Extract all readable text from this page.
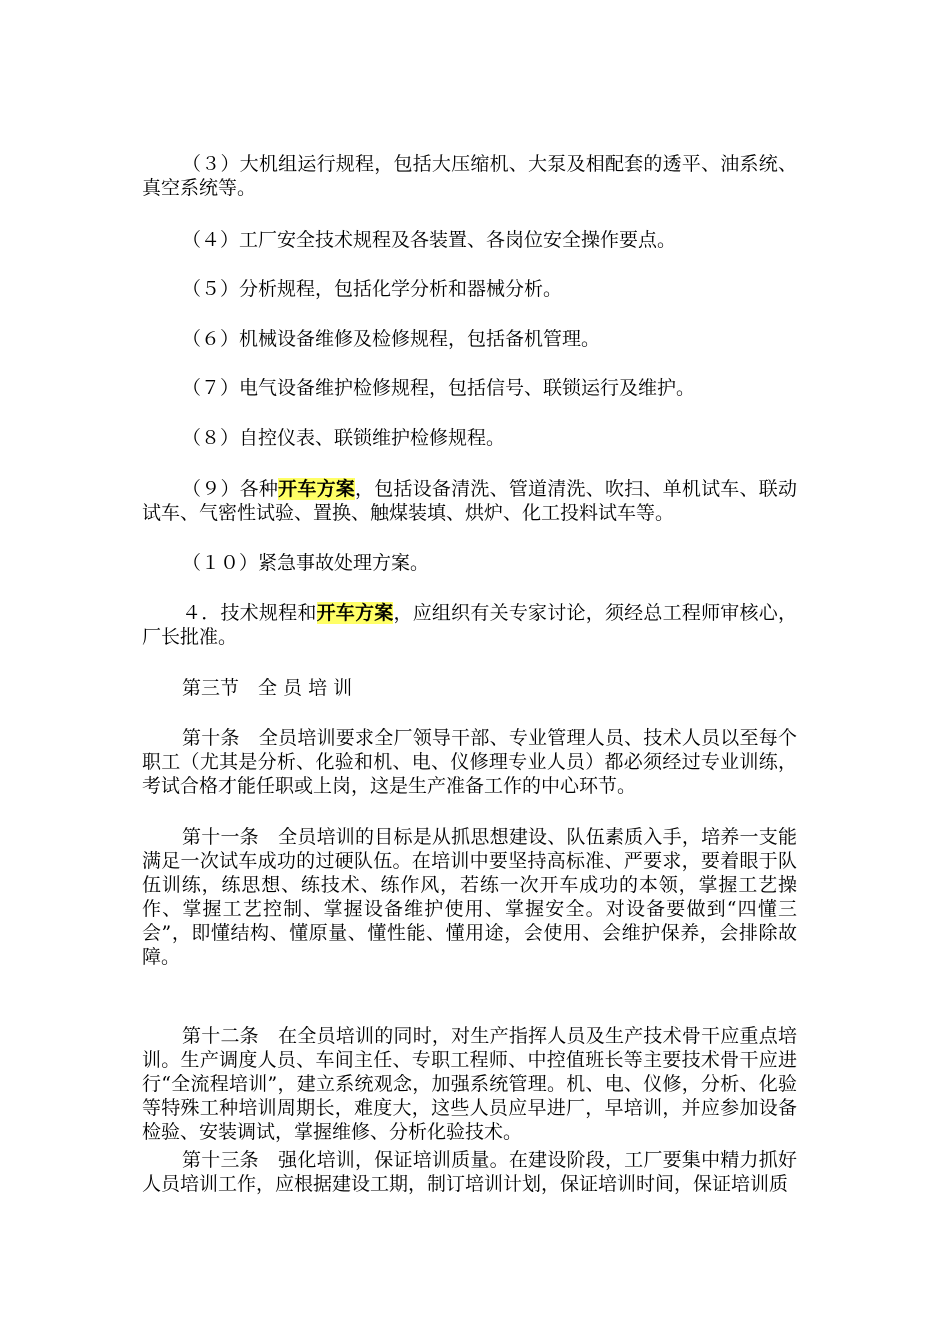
（３）大机组运行规程，包括大压缩机、大泵及相配套的透平、油系统、真空系统等。

（４）工厂安全技术规程及各装置、各岗位安全操作要点。

（５）分析规程，包括化学分析和器械分析。

（６）机械设备维修及检修规程，包括备机管理。

（７）电气设备维护检修规程，包括信号、联锁运行及维护。

（８）自控仪表、联锁维护检修规程。

（９）各种开车方案，包括设备清洗、管道清洗、吹扫、单机试车、联动试车、气密性试验、置换、触煤装填、烘炉、化工投料试车等。

（１０）紧急事故处理方案。

４．技术规程和开车方案，应组织有关专家讨论，须经总工程师审核心，厂长批准。

第三节　全 员 培 训

第十条　全员培训要求全厂领导干部、专业管理人员、技术人员以至每个职工（尤其是分析、化验和机、电、仪修理专业人员）都必须经过专业训练，考试合格才能任职或上岗，这是生产准备工作的中心环节。

第十一条　全员培训的目标是从抓思想建设、队伍素质入手，培养一支能满足一次试车成功的过硬队伍。在培训中要坚持高标准、严要求，要着眼于队伍训练，练思想、练技术、练作风，若练一次开车成功的本领，掌握工艺操作、掌握工艺控制、掌握设备维护使用、掌握安全。对设备要做到“四懂三会”，即懂结构、懂原量、懂性能、懂用途，会使用、会维护保养，会排除故障。

第十二条　在全员培训的同时，对生产指挥人员及生产技术骨干应重点培训。生产调度人员、车间主任、专职工程师、中控值班长等主要技术骨干应进行“全流程培训”，建立系统观念，加强系统管理。机、电、仪修，分析、化验等特殊工种培训周期长，难度大，这些人员应早进厂，早培训，并应参加设备检验、安装调试，掌握维修、分析化验技术。

第十三条　强化培训，保证培训质量。在建设阶段，工厂要集中精力抓好人员培训工作，应根据建设工期，制订培训计划，保证培训时间，保证培训质
